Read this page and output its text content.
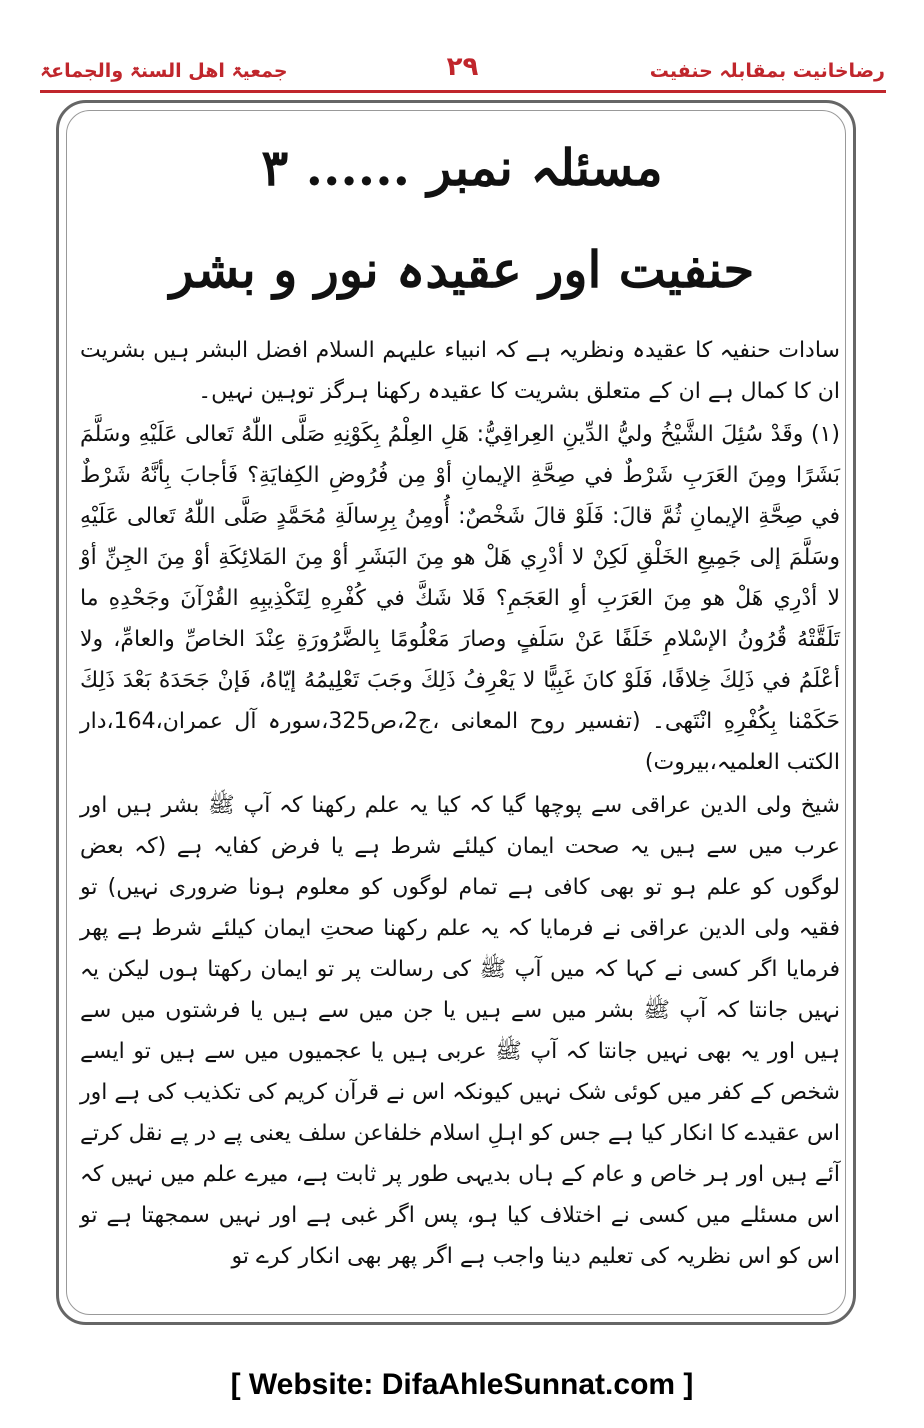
جمعیۃ اھل السنۃ والجماعۃ	۲۹	رضاخانیت بمقابلہ حنفیت
مسئلہ نمبر ...... ۳
حنفیت اور عقیدہ نور و بشر

سادات حنفیہ کا عقیدہ ونظریہ ہے کہ انبیاء علیہم السلام افضل البشر ہیں بشریت ان کا کمال ہے ان کے متعلق بشریت کا عقیدہ رکھنا ہرگز توہین نہیں۔

(۱) وقَدْ سُئِلَ الشَّيْخُ وليُّ الدِّينِ العِراقِيُّ: هَلِ العِلْمُ بِكَوْنِهِ صَلَّى اللّٰهُ تَعالى عَلَيْهِ وسَلَّمَ بَشَرًا ومِنَ العَرَبِ شَرْطٌ في صِحَّةِ الإيمانِ أوْ مِن فُرُوضِ الكِفايَةِ؟ فَأجابَ بِأنَّهُ شَرْطٌ في صِحَّةِ الإيمانِ ثُمَّ قالَ: فَلَوْ قالَ شَخْصٌ: أُومِنُ بِرِسالَةِ مُحَمَّدٍ صَلَّى اللّٰهُ تَعالى عَلَيْهِ وسَلَّمَ إلى جَمِيعِ الخَلْقِ لَكِنْ لا أدْرِي هَلْ هو مِنَ البَشَرِ أوْ مِنَ المَلائِكَةِ أوْ مِنَ الجِنِّ أوْ لا أدْرِي هَلْ هو مِنَ العَرَبِ أوِ العَجَمِ؟ فَلا شَكَّ في كُفْرِهِ لِتَكْذِيبِهِ القُرْآنَ وجَحْدِهِ ما تَلَقَّتْهُ قُرُونُ الإسْلامِ خَلَفًا عَنْ سَلَفٍ وصارَ مَعْلُومًا بِالضَّرُورَةِ عِنْدَ الخاصِّ والعامِّ، ولا أعْلَمُ في ذَلِكَ خِلافًا، فَلَوْ كانَ غَبِيًّا لا يَعْرِفُ ذَلِكَ وجَبَ تَعْلِيمُهُ إيّاهُ، فَإنْ جَحَدَهُ بَعْدَ ذَلِكَ حَكَمْنا بِكُفْرِهِ انْتَهى۔ (تفسیر روح المعانی ،ج2،ص325،سورہ آل عمران،164،دار الکتب العلمیہ،بیروت)

شیخ ولی الدین عراقی سے پوچھا گیا کہ کیا یہ علم رکھنا کہ آپ ﷺ بشر ہیں اور عرب میں سے ہیں یہ صحت ایمان کیلئے شرط ہے یا فرض کفایہ ہے (کہ بعض لوگوں کو علم ہو تو بھی کافی ہے تمام لوگوں کو معلوم ہونا ضروری نہیں) تو فقیہ ولی الدین عراقی نے فرمایا کہ یہ علم رکھنا صحتِ ایمان کیلئے شرط ہے پھر فرمایا اگر کسی نے کہا کہ میں آپ ﷺ کی رسالت پر تو ایمان رکھتا ہوں لیکن یہ نہیں جانتا کہ آپ ﷺ بشر میں سے ہیں یا جن میں سے ہیں یا فرشتوں میں سے ہیں اور یہ بھی نہیں جانتا کہ آپ ﷺ عربی ہیں یا عجمیوں میں سے ہیں تو ایسے شخص کے کفر میں کوئی شک نہیں کیونکہ اس نے قرآن کریم کی تکذیب کی ہے اور اس عقیدے کا انکار کیا ہے جس کو اہلِ اسلام خلفاعن سلف یعنی پے در پے نقل کرتے آئے ہیں اور ہر خاص و عام کے ہاں بدیہی طور پر ثابت ہے، میرے علم میں نہیں کہ اس مسئلے میں کسی نے اختلاف کیا ہو، پس اگر غبی ہے اور نہیں سمجھتا ہے تو اس کو اس نظریہ کی تعلیم دینا واجب ہے اگر پھر بھی انکار کرے تو

[ Website: DifaAhleSunnat.com ]
